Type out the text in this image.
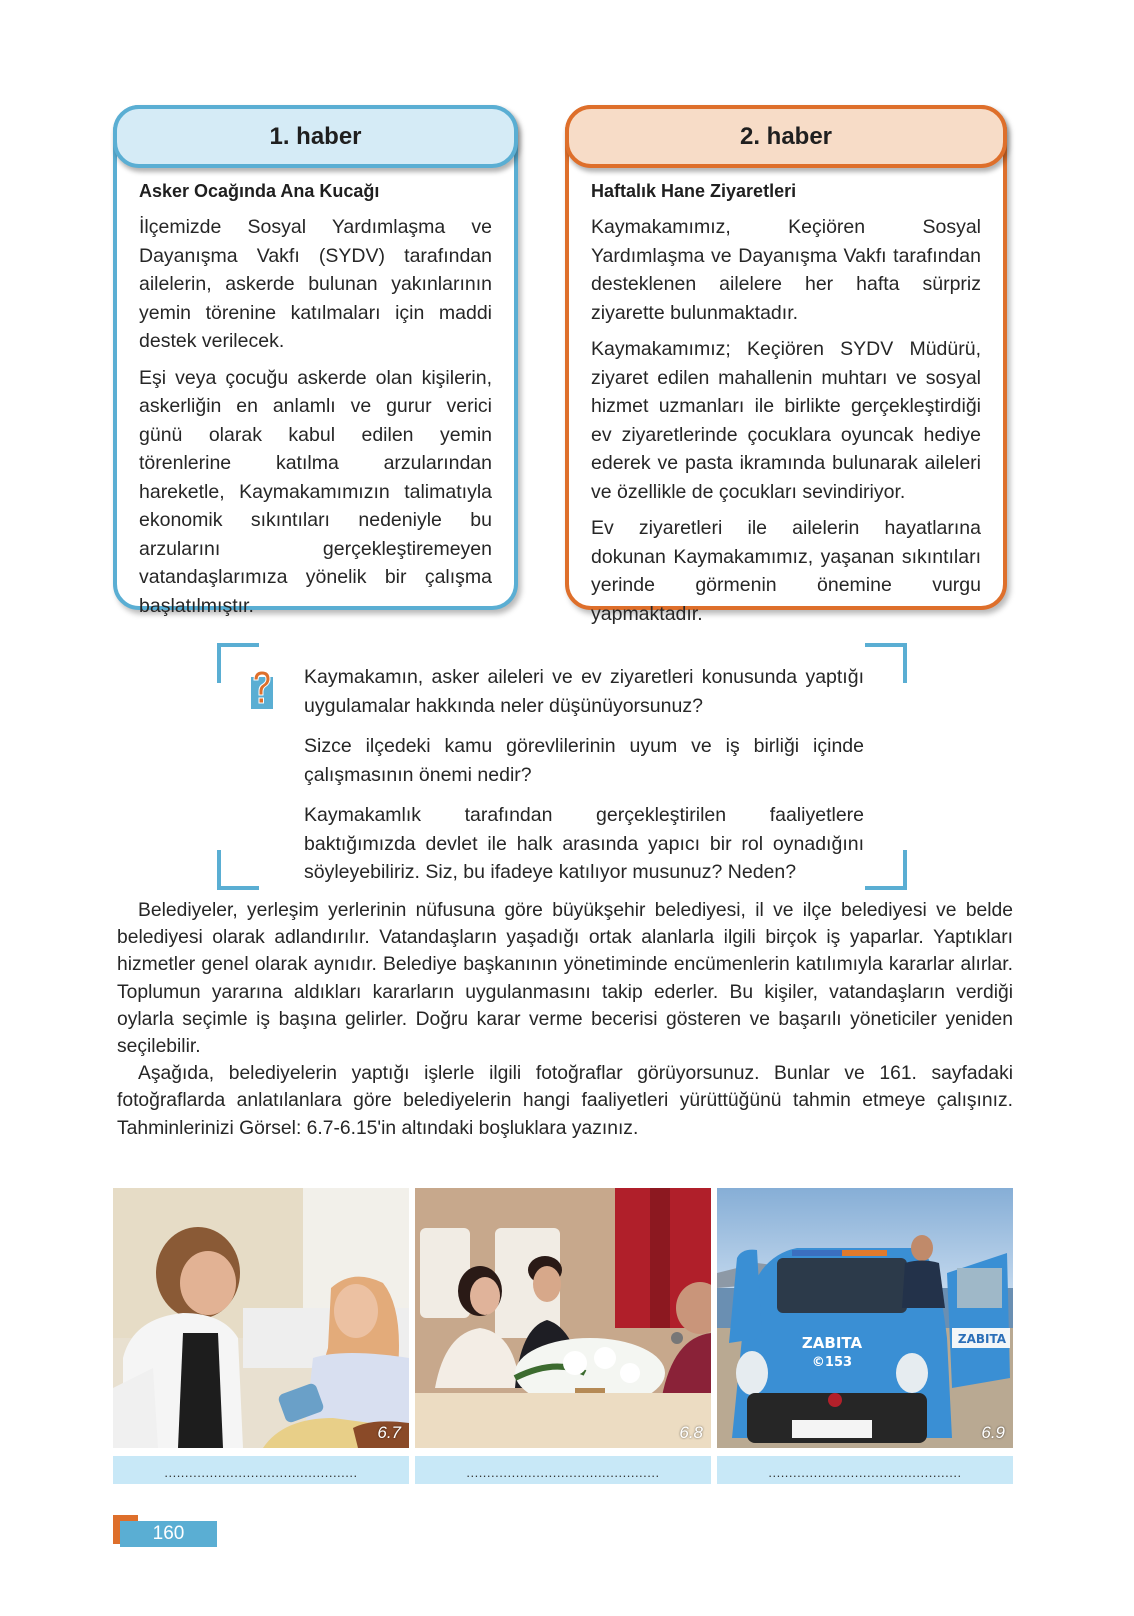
1. haber
Asker Ocağında Ana Kucağı

İlçemizde Sosyal Yardımlaşma ve Dayanışma Vakfı (SYDV) tarafından ailelerin, askerde bulunan yakınlarının yemin törenine katılmaları için maddi destek verilecek.

Eşi veya çocuğu askerde olan kişilerin, askerliğin en anlamlı ve gurur verici günü olarak kabul edilen yemin törenlerine katılma arzularından hareketle, Kaymakamımızın talimatıyla ekonomik sıkıntıları nedeniyle bu arzularını gerçekleştiremeyen vatandaşlarımıza yönelik bir çalışma başlatılmıştır.

2. haber
Haftalık Hane Ziyaretleri

Kaymakamımız, Keçiören Sosyal Yardımlaşma ve Dayanışma Vakfı tarafından desteklenen ailelere her hafta sürpriz ziyarette bulunmaktadır.

Kaymakamımız; Keçiören SYDV Müdürü, ziyaret edilen mahallenin muhtarı ve sosyal hizmet uzmanları ile birlikte gerçekleştirdiği ev ziyaretlerinde çocuklara oyuncak hediye ederek ve pasta ikramında bulunarak aileleri ve özellikle de çocukları sevindiriyor.

Ev ziyaretleri ile ailelerin hayatlarına dokunan Kaymakamımız, yaşanan sıkıntıları yerinde görmenin önemine vurgu yapmaktadır.

Kaymakamın, asker aileleri ve ev ziyaretleri konusunda yaptığı uygulamalar hakkında neler düşünüyorsunuz?

Sizce ilçedeki kamu görevlilerinin uyum ve iş birliği içinde çalışmasının önemi nedir?

Kaymakamlık tarafından gerçekleştirilen faaliyetlere baktığımızda devlet ile halk arasında yapıcı bir rol oynadığını söyleyebiliriz. Siz, bu ifadeye katılıyor musunuz? Neden?

Belediyeler, yerleşim yerlerinin nüfusuna göre büyükşehir belediyesi, il ve ilçe belediyesi ve belde belediyesi olarak adlandırılır. Vatandaşların yaşadığı ortak alanlarla ilgili birçok iş yaparlar. Yaptıkları hizmetler genel olarak aynıdır. Belediye başkanının yönetiminde encümenlerin katılımıyla kararlar alırlar. Toplumun yararına aldıkları kararların uygulanmasını takip ederler. Bu kişiler, vatandaşların verdiği oylarla seçimle iş başına gelirler. Doğru karar verme becerisi gösteren ve başarılı yöneticiler yeniden seçilebilir.

Aşağıda, belediyelerin yaptığı işlerle ilgili fotoğraflar görüyorsunuz. Bunlar ve 161. sayfadaki fotoğraflarda anlatılanlara göre belediyelerin hangi faaliyetleri yürüttüğünü tahmin etmeye çalışınız. Tahminlerinizi Görsel: 6.7-6.15'in altındaki boşluklara yazınız.

6.7
...............................................
6.8
...............................................
ZABITA
©153
ZABITA
6.9
...............................................
160
